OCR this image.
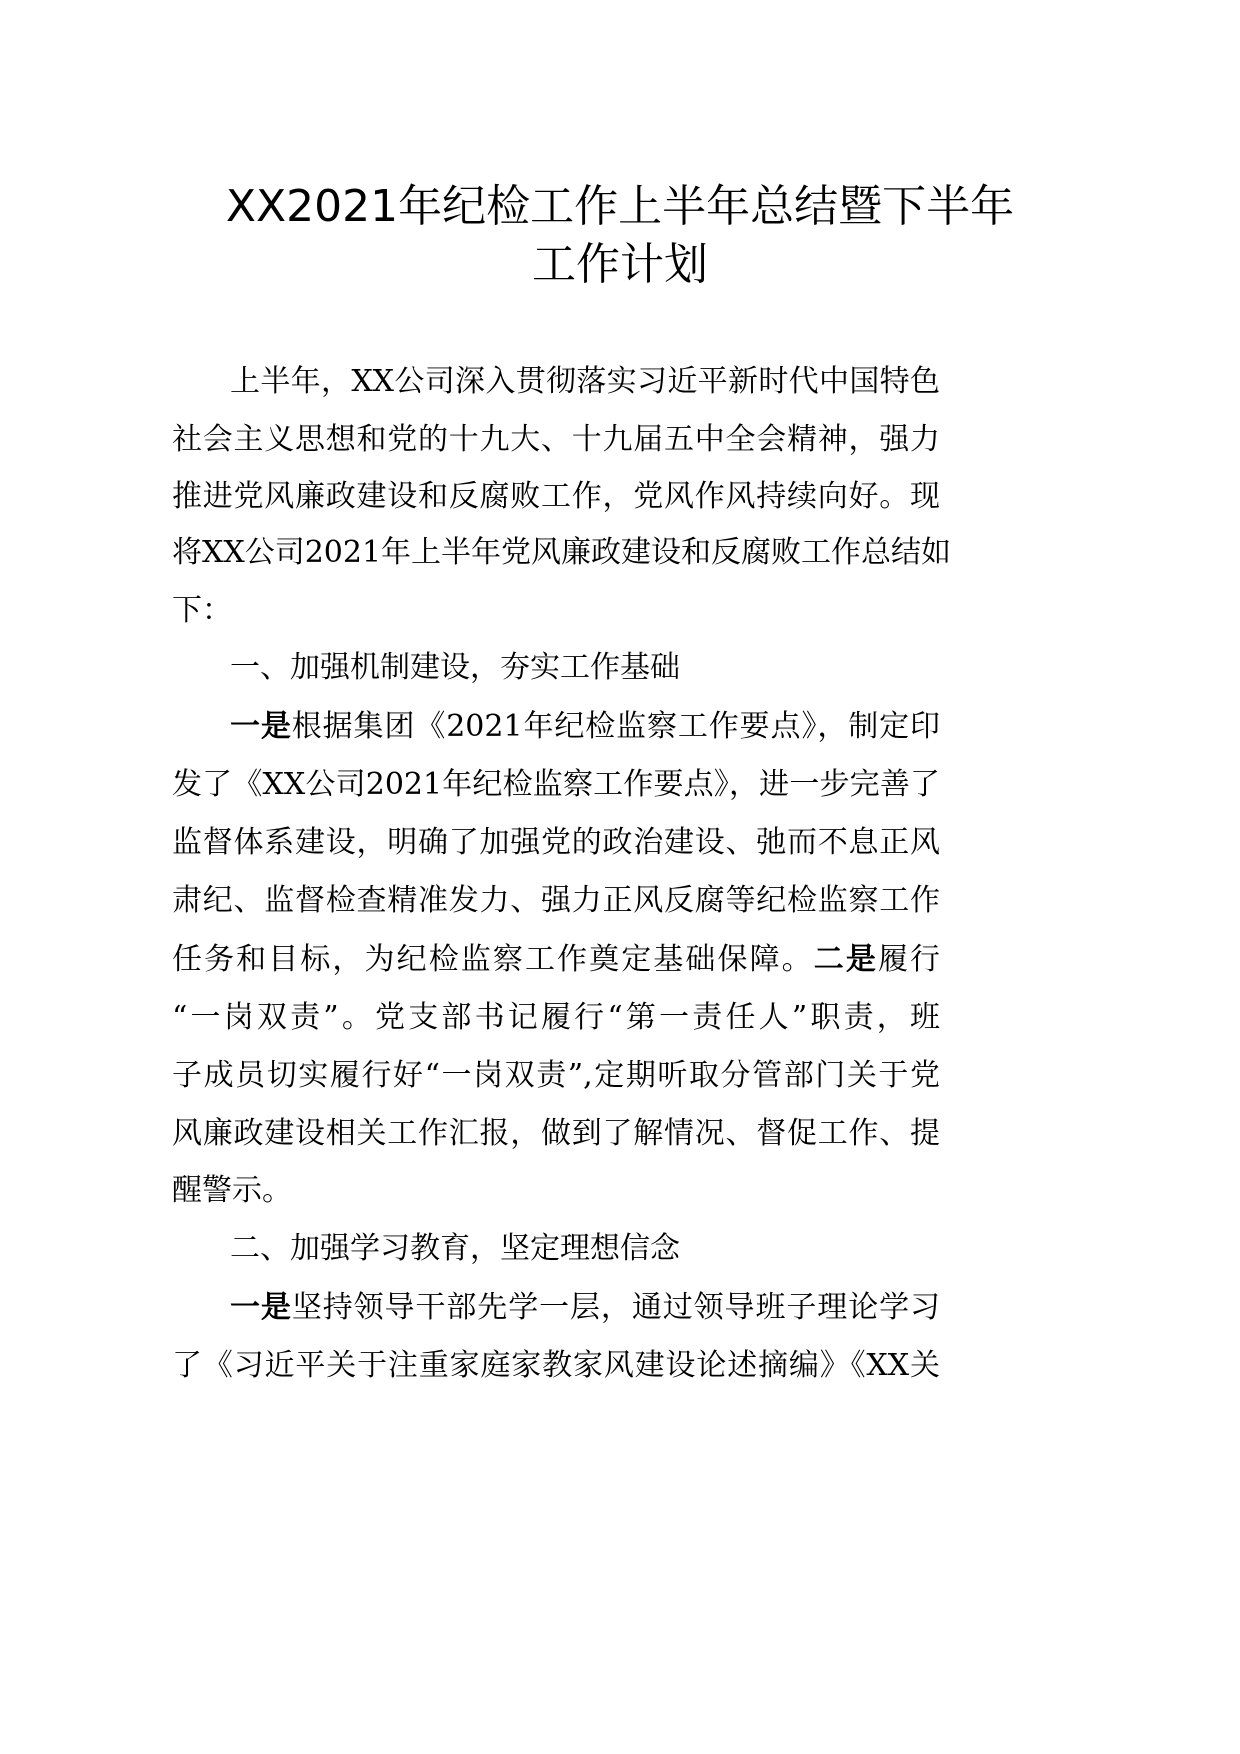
XX2021年纪检工作上半年总结暨下半年
工作计划
上半年，XX公司深入贯彻落实习近平新时代中国特色
社会主义思想和党的十九大、十九届五中全会精神，强力
推进党风廉政建设和反腐败工作，党风作风持续向好。现
将XX公司2021年上半年党风廉政建设和反腐败工作总结如
下：
一、加强机制建设，夯实工作基础
一是根据集团《2021年纪检监察工作要点》，制定印
发了《XX公司2021年纪检监察工作要点》，进一步完善了
监督体系建设，明确了加强党的政治建设、弛而不息正风
肃纪、监督检查精准发力、强力正风反腐等纪检监察工作
任务和目标，为纪检监察工作奠定基础保障。二是履行
“一岗双责”。党支部书记履行“第一责任人”职责，班
子成员切实履行好“一岗双责”,定期听取分管部门关于党
风廉政建设相关工作汇报，做到了解情况、督促工作、提
醒警示。
二、加强学习教育，坚定理想信念
一是坚持领导干部先学一层，通过领导班子理论学习
了《习近平关于注重家庭家教家风建设论述摘编》《XX关
